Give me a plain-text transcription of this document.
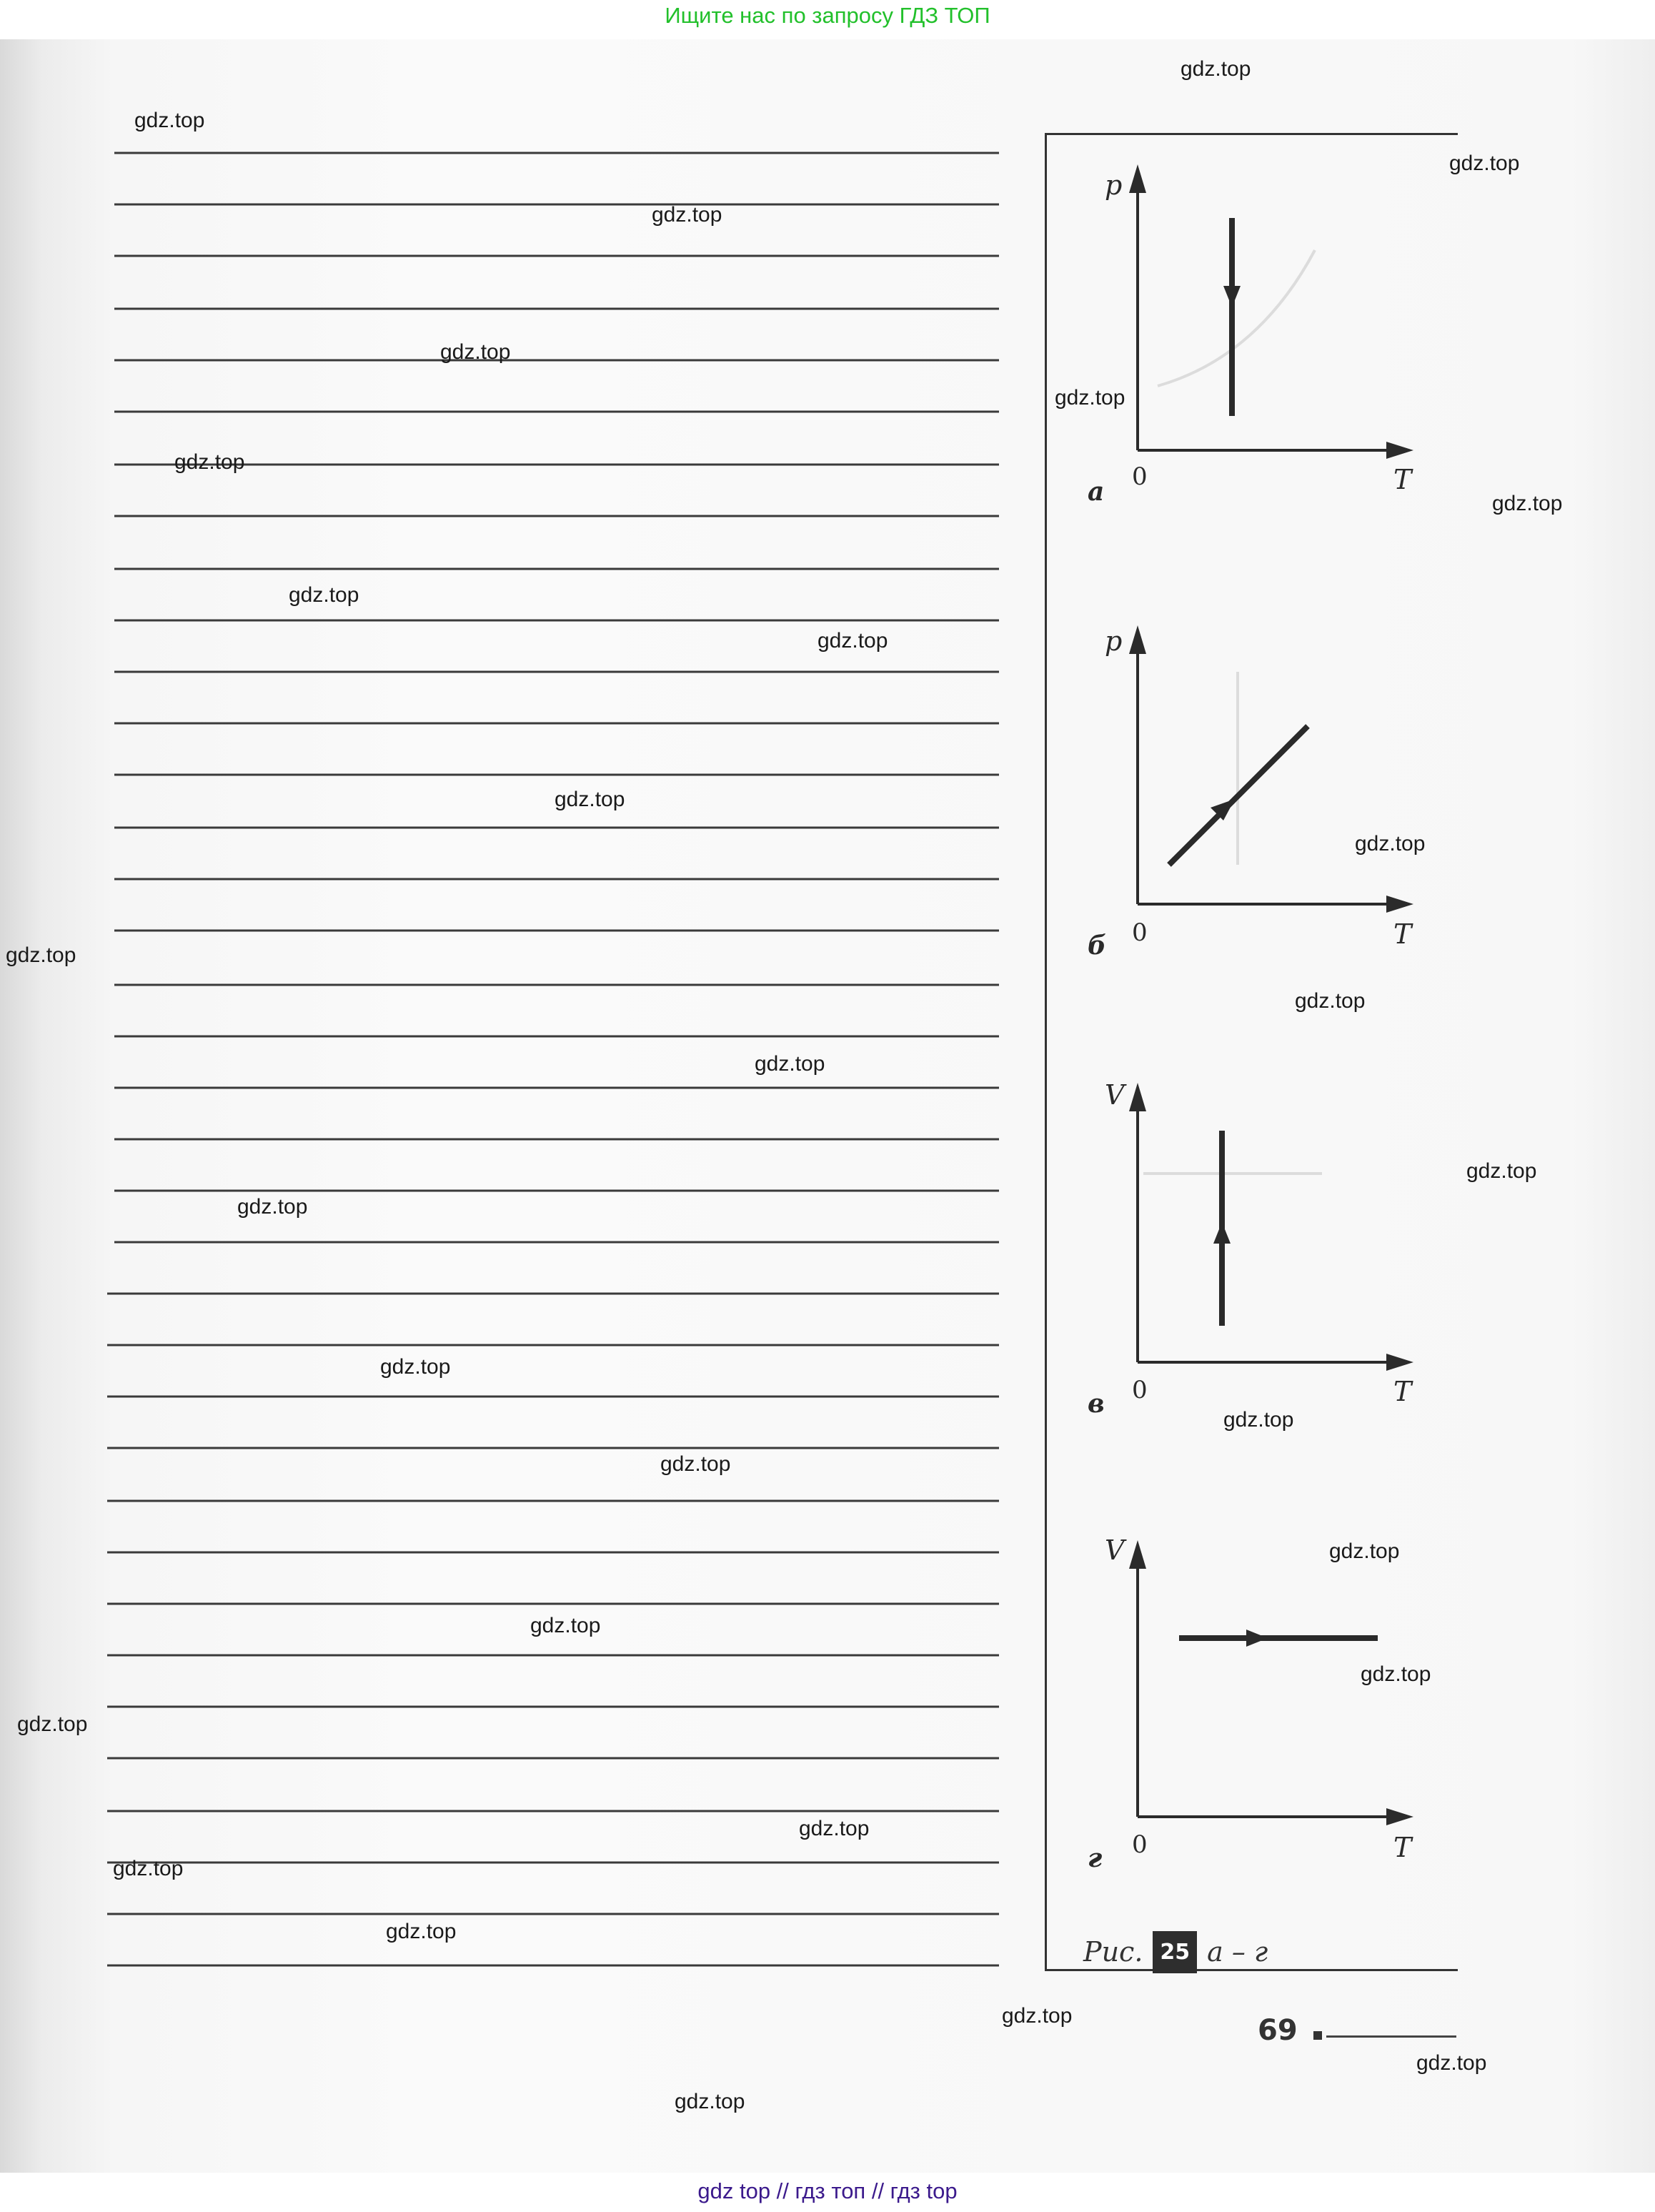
Ищите нас по запросу ГДЗ ТОП
p
0	T
а
p
0	T
б
V
0	T
в
V
0	T
г
Рис. 25 а – г
69
gdz.top
gdz.top
gdz.top
gdz.top
gdz.top
gdz.top
gdz.top
gdz.top
gdz.top
gdz.top
gdz.top
gdz.top
gdz.top
gdz.top
gdz.top
gdz.top
gdz.top
gdz.top
gdz.top
gdz.top
gdz.top
gdz.top
gdz.top
gdz.top
gdz.top
gdz.top
gdz.top
gdz.top
gdz.top
gdz.top
gdz top // гдз топ // гдз top
